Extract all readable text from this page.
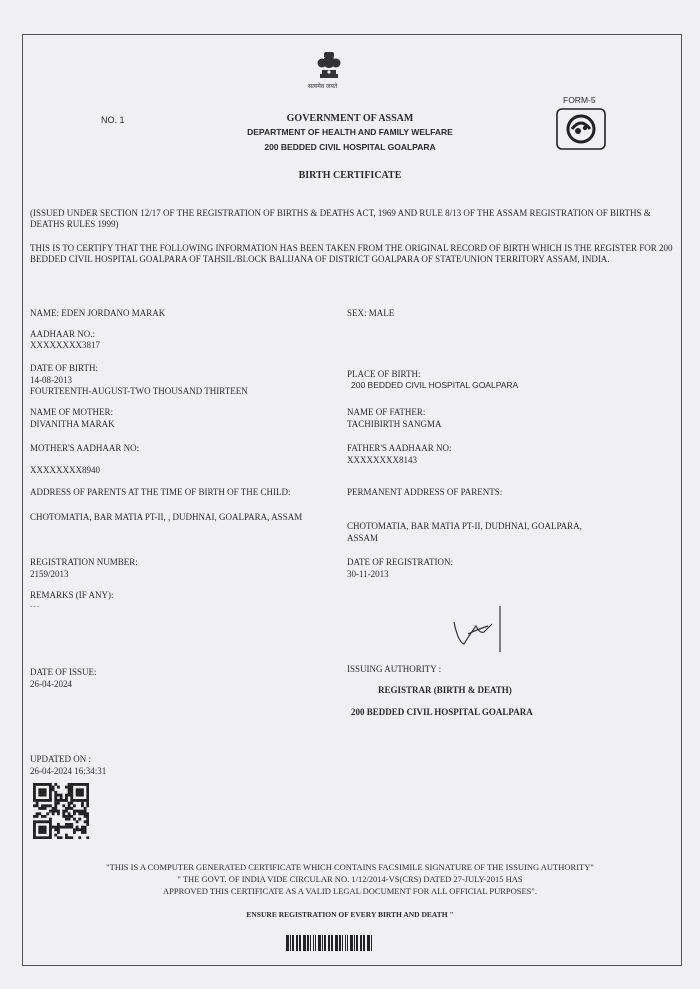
सत्यमेव जयते
FORM-5
NO. 1	GOVERNMENT OF ASSAM
DEPARTMENT OF HEALTH AND FAMILY WELFARE
200 BEDDED CIVIL HOSPITAL GOALPARA
BIRTH CERTIFICATE
(ISSUED UNDER SECTION 12/17 OF THE REGISTRATION OF BIRTHS & DEATHS ACT, 1969 AND RULE 8/13 OF THE ASSAM REGISTRATION OF BIRTHS & DEATHS RULES 1999)
THIS IS TO CERTIFY THAT THE FOLLOWING INFORMATION HAS BEEN TAKEN FROM THE ORIGINAL RECORD OF BIRTH WHICH IS THE REGISTER FOR 200 BEDDED CIVIL HOSPITAL GOALPARA OF TAHSIL/BLOCK BALIJANA OF DISTRICT GOALPARA OF STATE/UNION TERRITORY ASSAM, INDIA.
NAME: EDEN JORDANO MARAK
AADHAAR NO.:
XXXXXXXX3817
DATE OF BIRTH:
14-08-2013
FOURTEENTH-AUGUST-TWO THOUSAND THIRTEEN
NAME OF MOTHER:
DIVANITHA MARAK
MOTHER'S AADHAAR NO:
XXXXXXXX8940
ADDRESS OF PARENTS AT THE TIME OF BIRTH OF THE CHILD:
CHOTOMATIA, BAR MATIA PT-II, , DUDHNAI, GOALPARA, ASSAM
REGISTRATION NUMBER:
2159/2013
REMARKS (IF ANY):
- - -
SEX: MALE
PLACE OF BIRTH:
200 BEDDED CIVIL HOSPITAL GOALPARA
NAME OF FATHER:
TACHIBIRTH SANGMA
FATHER'S AADHAAR NO:
XXXXXXXX8143
PERMANENT ADDRESS OF PARENTS:
CHOTOMATIA, BAR MATIA PT-II, DUDHNAI, GOALPARA,
ASSAM
DATE OF REGISTRATION:
30-11-2013
DATE OF ISSUE:
26-04-2024
ISSUING AUTHORITY :
REGISTRAR (BIRTH & DEATH)
200 BEDDED CIVIL HOSPITAL GOALPARA
UPDATED ON :
26-04-2024 16:34:31
"THIS IS A COMPUTER GENERATED CERTIFICATE WHICH CONTAINS FACSIMILE SIGNATURE OF THE ISSUING AUTHORITY"
" THE GOVT. OF INDIA VIDE CIRCULAR NO. 1/12/2014-VS(CRS) DATED 27-JULY-2015 HAS
APPROVED THIS CERTIFICATE AS A VALID LEGAL DOCUMENT FOR ALL OFFICIAL PURPOSES".
ENSURE REGISTRATION OF EVERY BIRTH AND DEATH "
